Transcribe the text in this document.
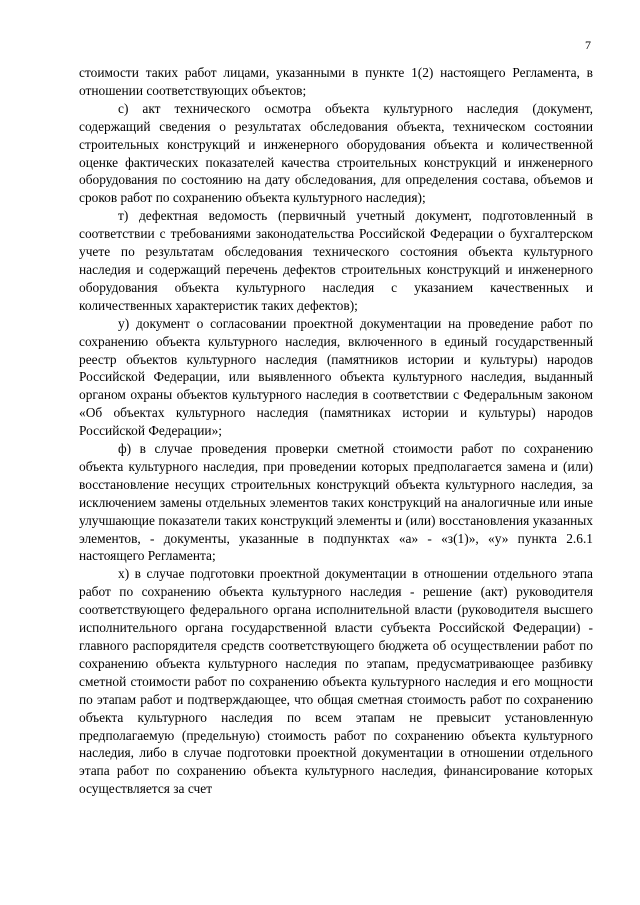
7

стоимости таких работ лицами, указанными в пункте 1(2) настоящего Регламента, в отношении соответствующих объектов;

с) акт технического осмотра объекта культурного наследия (документ, содержащий сведения о результатах обследования объекта, техническом состоянии строительных конструкций и инженерного оборудования объекта и количественной оценке фактических показателей качества строительных конструкций и инженерного оборудования по состоянию на дату обследования, для определения состава, объемов и сроков работ по сохранению объекта культурного наследия);

т) дефектная ведомость (первичный учетный документ, подготовленный в соответствии с требованиями законодательства Российской Федерации о бухгалтерском учете по результатам обследования технического состояния объекта культурного наследия и содержащий перечень дефектов строительных конструкций и инженерного оборудования объекта культурного наследия с указанием качественных и количественных характеристик таких дефектов);

у) документ о согласовании проектной документации на проведение работ по сохранению объекта культурного наследия, включенного в единый государственный реестр объектов культурного наследия (памятников истории и культуры) народов Российской Федерации, или выявленного объекта культурного наследия, выданный органом охраны объектов культурного наследия в соответствии с Федеральным законом «Об объектах культурного наследия (памятниках истории и культуры) народов Российской Федерации»;

ф) в случае проведения проверки сметной стоимости работ по сохранению объекта культурного наследия, при проведении которых предполагается замена и (или) восстановление несущих строительных конструкций объекта культурного наследия, за исключением замены отдельных элементов таких конструкций на аналогичные или иные улучшающие показатели таких конструкций элементы и (или) восстановления указанных элементов, - документы, указанные в подпунктах «а» - «з(1)», «у» пункта 2.6.1 настоящего Регламента;

х) в случае подготовки проектной документации в отношении отдельного этапа работ по сохранению объекта культурного наследия - решение (акт) руководителя соответствующего федерального органа исполнительной власти (руководителя высшего исполнительного органа государственной власти субъекта Российской Федерации) - главного распорядителя средств соответствующего бюджета об осуществлении работ по сохранению объекта культурного наследия по этапам, предусматривающее разбивку сметной стоимости работ по сохранению объекта культурного наследия и его мощности по этапам работ и подтверждающее, что общая сметная стоимость работ по сохранению объекта культурного наследия по всем этапам не превысит установленную предполагаемую (предельную) стоимость работ по сохранению объекта культурного наследия, либо в случае подготовки проектной документации в отношении отдельного этапа работ по сохранению объекта культурного наследия, финансирование которых осуществляется за счет
